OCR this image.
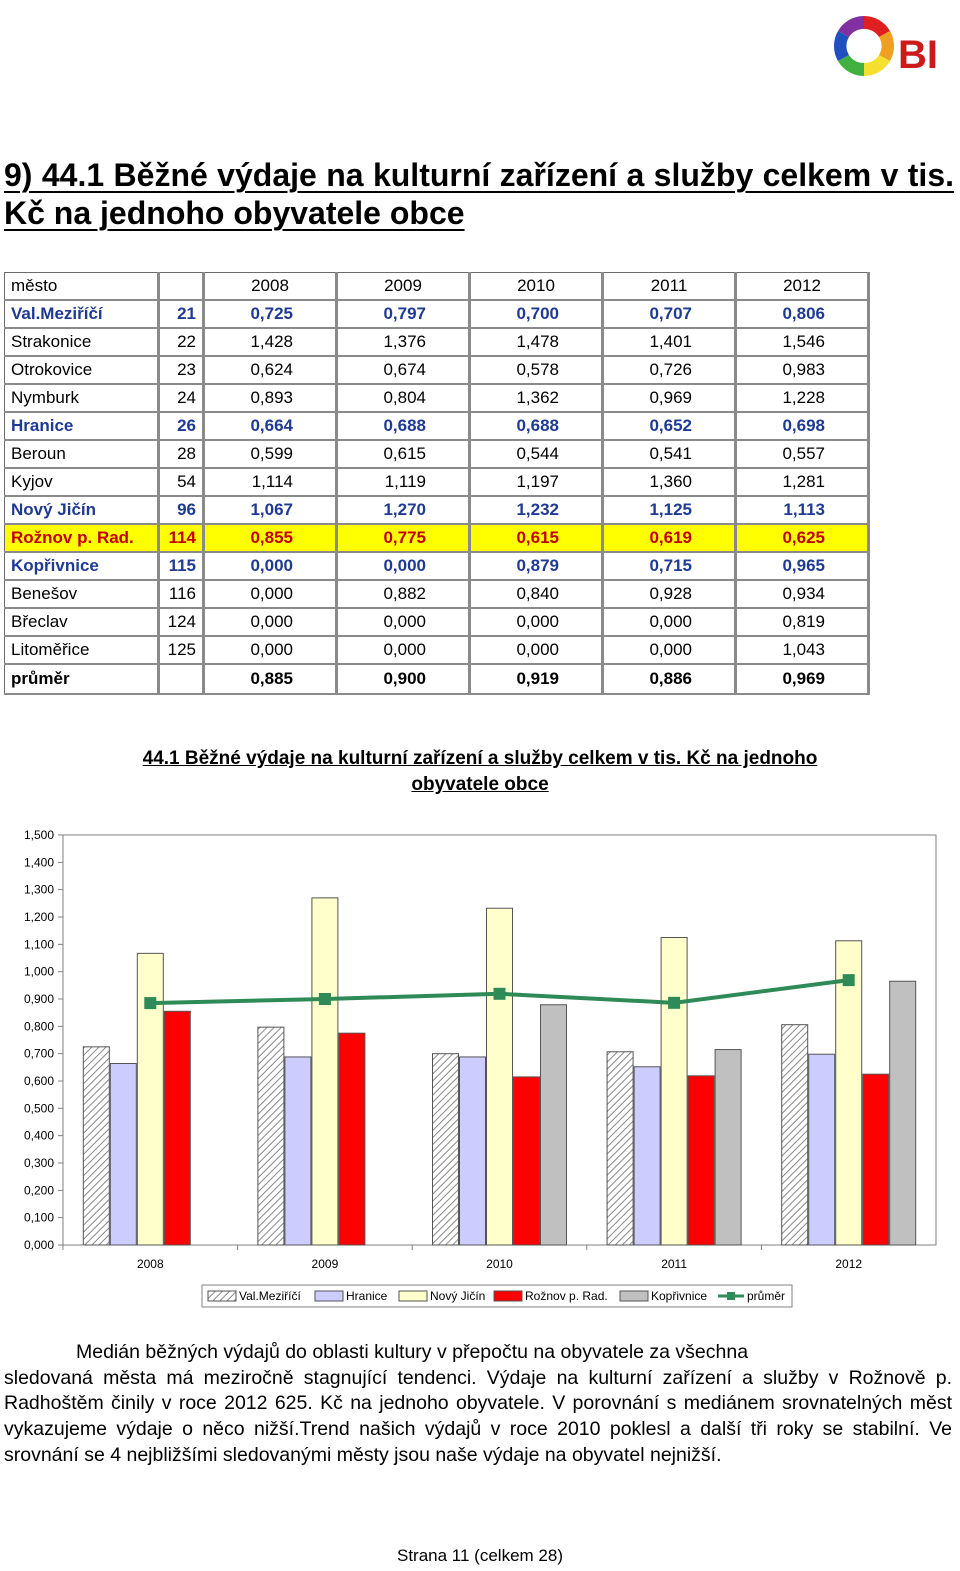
BI
9) 44.1 Běžné výdaje na kulturní zařízení a služby celkem v tis. Kč na jednoho obyvatele obce
město		2008	2009	2010	2011	2012
Val.Meziříčí	21	0,725	0,797	0,700	0,707	0,806
Strakonice	22	1,428	1,376	1,478	1,401	1,546
Otrokovice	23	0,624	0,674	0,578	0,726	0,983
Nymburk	24	0,893	0,804	1,362	0,969	1,228
Hranice	26	0,664	0,688	0,688	0,652	0,698
Beroun	28	0,599	0,615	0,544	0,541	0,557
Kyjov	54	1,114	1,119	1,197	1,360	1,281
Nový Jičín	96	1,067	1,270	1,232	1,125	1,113
Rožnov p. Rad.	114	0,855	0,775	0,615	0,619	0,625
Kopřivnice	115	0,000	0,000	0,879	0,715	0,965
Benešov	116	0,000	0,882	0,840	0,928	0,934
Břeclav	124	0,000	0,000	0,000	0,000	0,819
Litoměřice	125	0,000	0,000	0,000	0,000	1,043
průměr		0,885	0,900	0,919	0,886	0,969
44.1 Běžné výdaje na kulturní zařízení a služby celkem v tis. Kč na jednoho obyvatele obce
1,500
1,400
1,300
1,200
1,100
1,000
0,900
0,800
0,700
0,600
0,500
0,400
0,300
0,200
0,100
0,000
2008	2009	2010	2011	2012
Val.Meziříčí	Hranice	Nový Jičín	Rožnov p. Rad.	Kopřivnice	průměr
Medián běžných výdajů do oblasti kultury v přepočtu na obyvatele za všechna
sledovaná města má meziročně stagnující tendenci. Výdaje na kulturní zařízení a služby v Rožnově p. Radhoštěm činily v roce 2012 625. Kč na jednoho obyvatele. V porovnání s mediánem srovnatelných měst vykazujeme výdaje o něco nižší.Trend našich výdajů v roce 2010 poklesl a další tři roky se stabilní. Ve srovnání se 4 nejbližšími sledovanými městy jsou naše výdaje na obyvatel nejnižší.
Strana 11 (celkem 28)
